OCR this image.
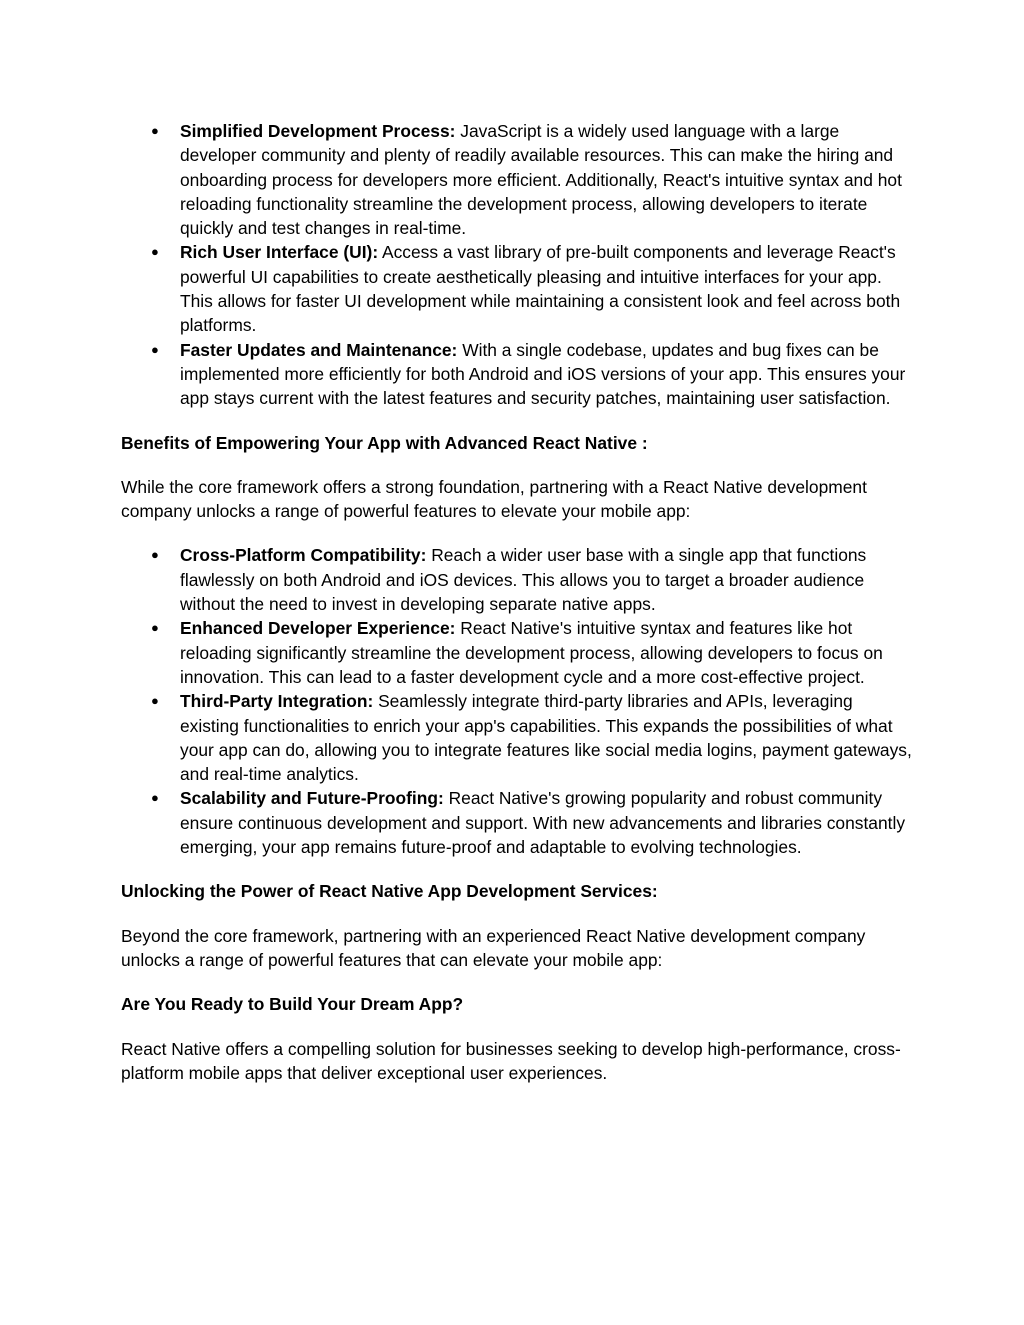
● Simplified Development Process: JavaScript is a widely used language with a large developer community and plenty of readily available resources. This can make the hiring and onboarding process for developers more efficient. Additionally, React's intuitive syntax and hot reloading functionality streamline the development process, allowing developers to iterate quickly and test changes in real-time.
● Rich User Interface (UI): Access a vast library of pre-built components and leverage React's powerful UI capabilities to create aesthetically pleasing and intuitive interfaces for your app. This allows for faster UI development while maintaining a consistent look and feel across both platforms.
● Faster Updates and Maintenance: With a single codebase, updates and bug fixes can be implemented more efficiently for both Android and iOS versions of your app. This ensures your app stays current with the latest features and security patches, maintaining user satisfaction.

Benefits of Empowering Your App with Advanced React Native :

While the core framework offers a strong foundation, partnering with a React Native development company unlocks a range of powerful features to elevate your mobile app:

● Cross-Platform Compatibility: Reach a wider user base with a single app that functions flawlessly on both Android and iOS devices. This allows you to target a broader audience without the need to invest in developing separate native apps.
● Enhanced Developer Experience: React Native's intuitive syntax and features like hot reloading significantly streamline the development process, allowing developers to focus on innovation. This can lead to a faster development cycle and a more cost-effective project.
● Third-Party Integration: Seamlessly integrate third-party libraries and APIs, leveraging existing functionalities to enrich your app's capabilities. This expands the possibilities of what your app can do, allowing you to integrate features like social media logins, payment gateways, and real-time analytics.
● Scalability and Future-Proofing: React Native's growing popularity and robust community ensure continuous development and support. With new advancements and libraries constantly emerging, your app remains future-proof and adaptable to evolving technologies.

Unlocking the Power of React Native App Development Services:

Beyond the core framework, partnering with an experienced React Native development company unlocks a range of powerful features that can elevate your mobile app:

Are You Ready to Build Your Dream App?

React Native offers a compelling solution for businesses seeking to develop high-performance, cross-platform mobile apps that deliver exceptional user experiences.
